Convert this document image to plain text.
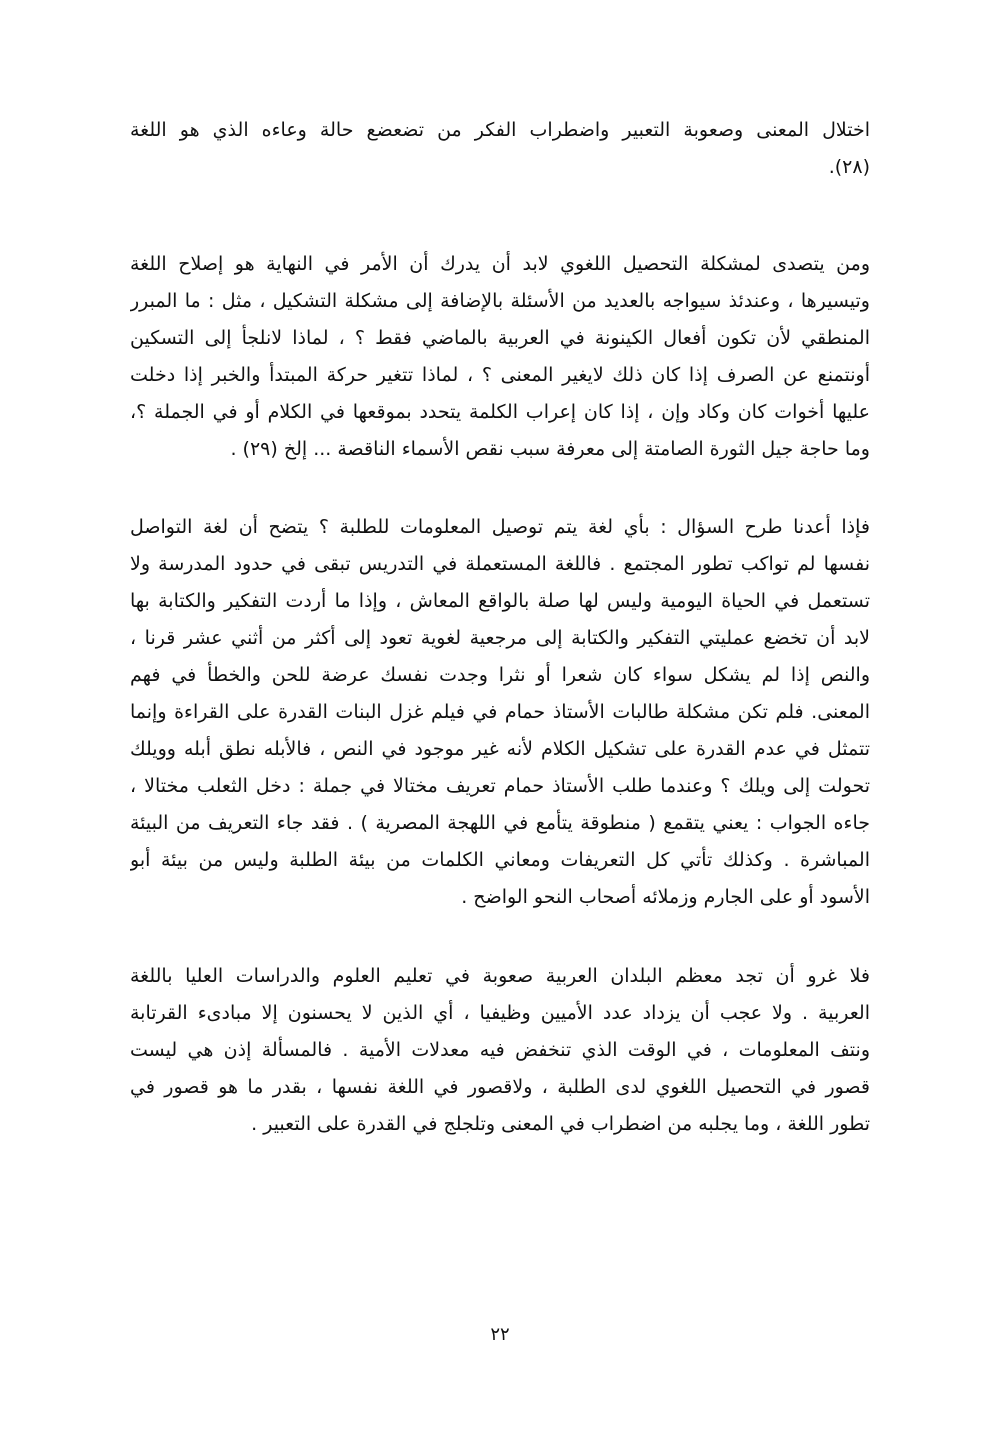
اختلال المعنى وصعوبة التعبير واضطراب الفكر من تضعضع حالة وعاءه الذي هو اللغة
(٢٨).
ومن يتصدى لمشكلة التحصيل اللغوي لابد أن يدرك أن الأمر في النهاية هو إصلاح اللغة
وتيسيرها ، وعندئذ سيواجه بالعديد من الأسئلة بالإضافة إلى مشكلة التشكيل ، مثل : ما المبرر
المنطقي لأن تكون أفعال الكينونة في العربية بالماضي فقط ؟ ، لماذا لانلجأ إلى التسكين
أونتمنع عن الصرف إذا كان ذلك لايغير المعنى ؟ ، لماذا تتغير حركة المبتدأ والخبر إذا دخلت
عليها أخوات كان وكاد وإن ، إذا كان إعراب الكلمة يتحدد بموقعها في الكلام أو في الجملة ؟،
وما حاجة جيل الثورة الصامتة إلى معرفة سبب نقص الأسماء الناقصة ... إلخ (٢٩) .
فإذا أعدنا طرح السؤال : بأي لغة يتم توصيل المعلومات للطلبة ؟ يتضح أن لغة التواصل
نفسها لم تواكب تطور المجتمع . فاللغة المستعملة في التدريس تبقى في حدود المدرسة ولا
تستعمل في الحياة اليومية وليس لها صلة بالواقع المعاش ، وإذا ما أردت التفكير والكتابة بها
لابد أن تخضع عمليتي التفكير والكتابة إلى مرجعية لغوية تعود إلى أكثر من أثني عشر قرنا ،
والنص إذا لم يشكل سواء كان شعرا أو نثرا وجدت نفسك عرضة للحن والخطأ في فهم
المعنى. فلم تكن مشكلة طالبات الأستاذ حمام في فيلم غزل البنات القدرة على القراءة وإنما
تتمثل في عدم القدرة على تشكيل الكلام لأنه غير موجود في النص ، فالأبله نطق أبله وويلك
تحولت إلى ويلك ؟ وعندما طلب الأستاذ حمام تعريف مختالا في جملة : دخل الثعلب مختالا ،
جاءه الجواب : يعني يتقمع ( منطوقة يتأمع في اللهجة المصرية ) . فقد جاء التعريف من البيئة
المباشرة . وكذلك تأتي كل التعريفات ومعاني الكلمات من بيئة الطلبة وليس من بيئة أبو
الأسود أو على الجارم وزملائه أصحاب النحو الواضح .
فلا غرو أن تجد معظم البلدان العربية صعوبة في تعليم العلوم والدراسات العليا باللغة
العربية . ولا عجب أن يزداد عدد الأميين وظيفيا ، أي الذين لا يحسنون إلا مبادىء القرتابة
ونتف المعلومات ، في الوقت الذي تنخفض فيه معدلات الأمية . فالمسألة إذن هي ليست
قصور في التحصيل اللغوي لدى الطلبة ، ولاقصور في اللغة نفسها ، بقدر ما هو قصور في
تطور اللغة ، وما يجلبه من اضطراب في المعنى وتلجلج في القدرة على التعبير .
٢٢
